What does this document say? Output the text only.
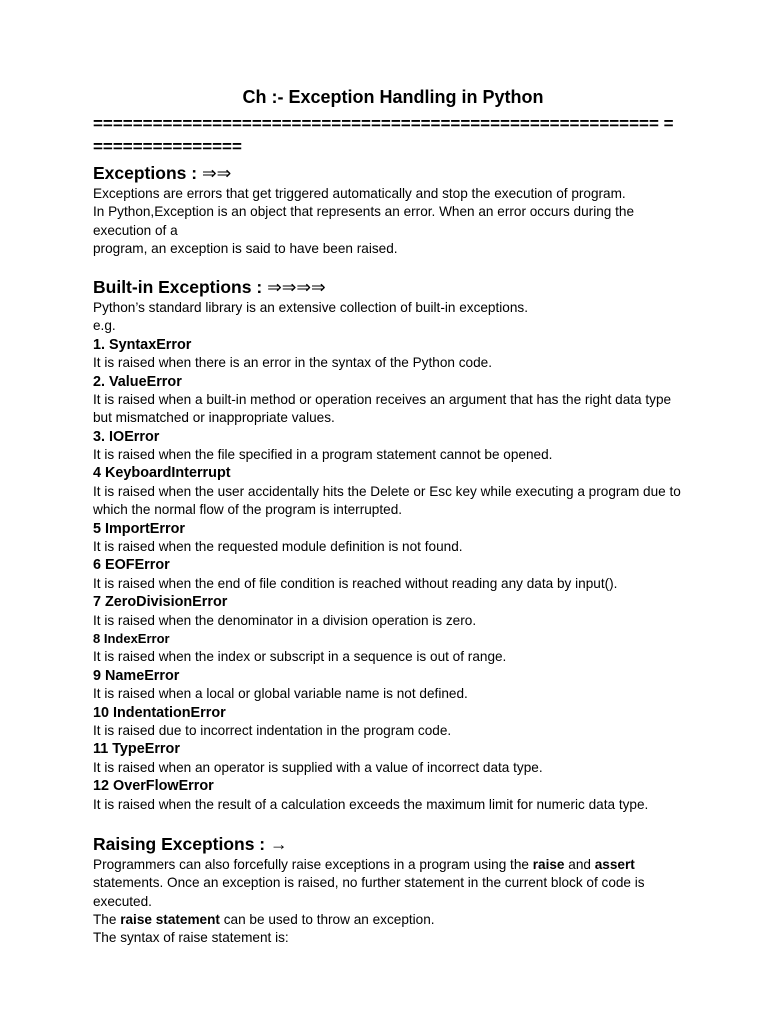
Ch :- Exception Handling in Python
========================================================= ================
Exceptions : ⇒⇒

Exceptions are errors that get triggered automatically and stop the execution of program.

In Python,Exception is an object that represents an error. When an error occurs during the execution of a

program, an exception is said to have been raised.

Built-in Exceptions : ⇒⇒⇒⇒

Python’s standard library is an extensive collection of built-in exceptions.

e.g.

1. SyntaxError

It is raised when there is an error in the syntax of the Python code.

2. ValueError

It is raised when a built-in method or operation receives an argument that has the right data type but mismatched or inappropriate values.

3. IOError

It is raised when the file specified in a program statement cannot be opened.

4 KeyboardInterrupt

It is raised when the user accidentally hits the Delete or Esc key while executing a program due to which the normal flow of the program is interrupted.

5 ImportError

It is raised when the requested module definition is not found.

6 EOFError

It is raised when the end of file condition is reached without reading any data by input().

7 ZeroDivisionError

It is raised when the denominator in a division operation is zero.

8 IndexError

It is raised when the index or subscript in a sequence is out of range.

9 NameError

It is raised when a local or global variable name is not defined.

10 IndentationError

It is raised due to incorrect indentation in the program code.

11 TypeError

It is raised when an operator is supplied with a value of incorrect data type.

12 OverFlowError

It is raised when the result of a calculation exceeds the maximum limit for numeric data type.

Raising Exceptions : →

Programmers can also forcefully raise exceptions in a program using the raise and assert statements. Once an exception is raised, no further statement in the current block of code is executed.

The raise statement can be used to throw an exception.

The syntax of raise statement is:
